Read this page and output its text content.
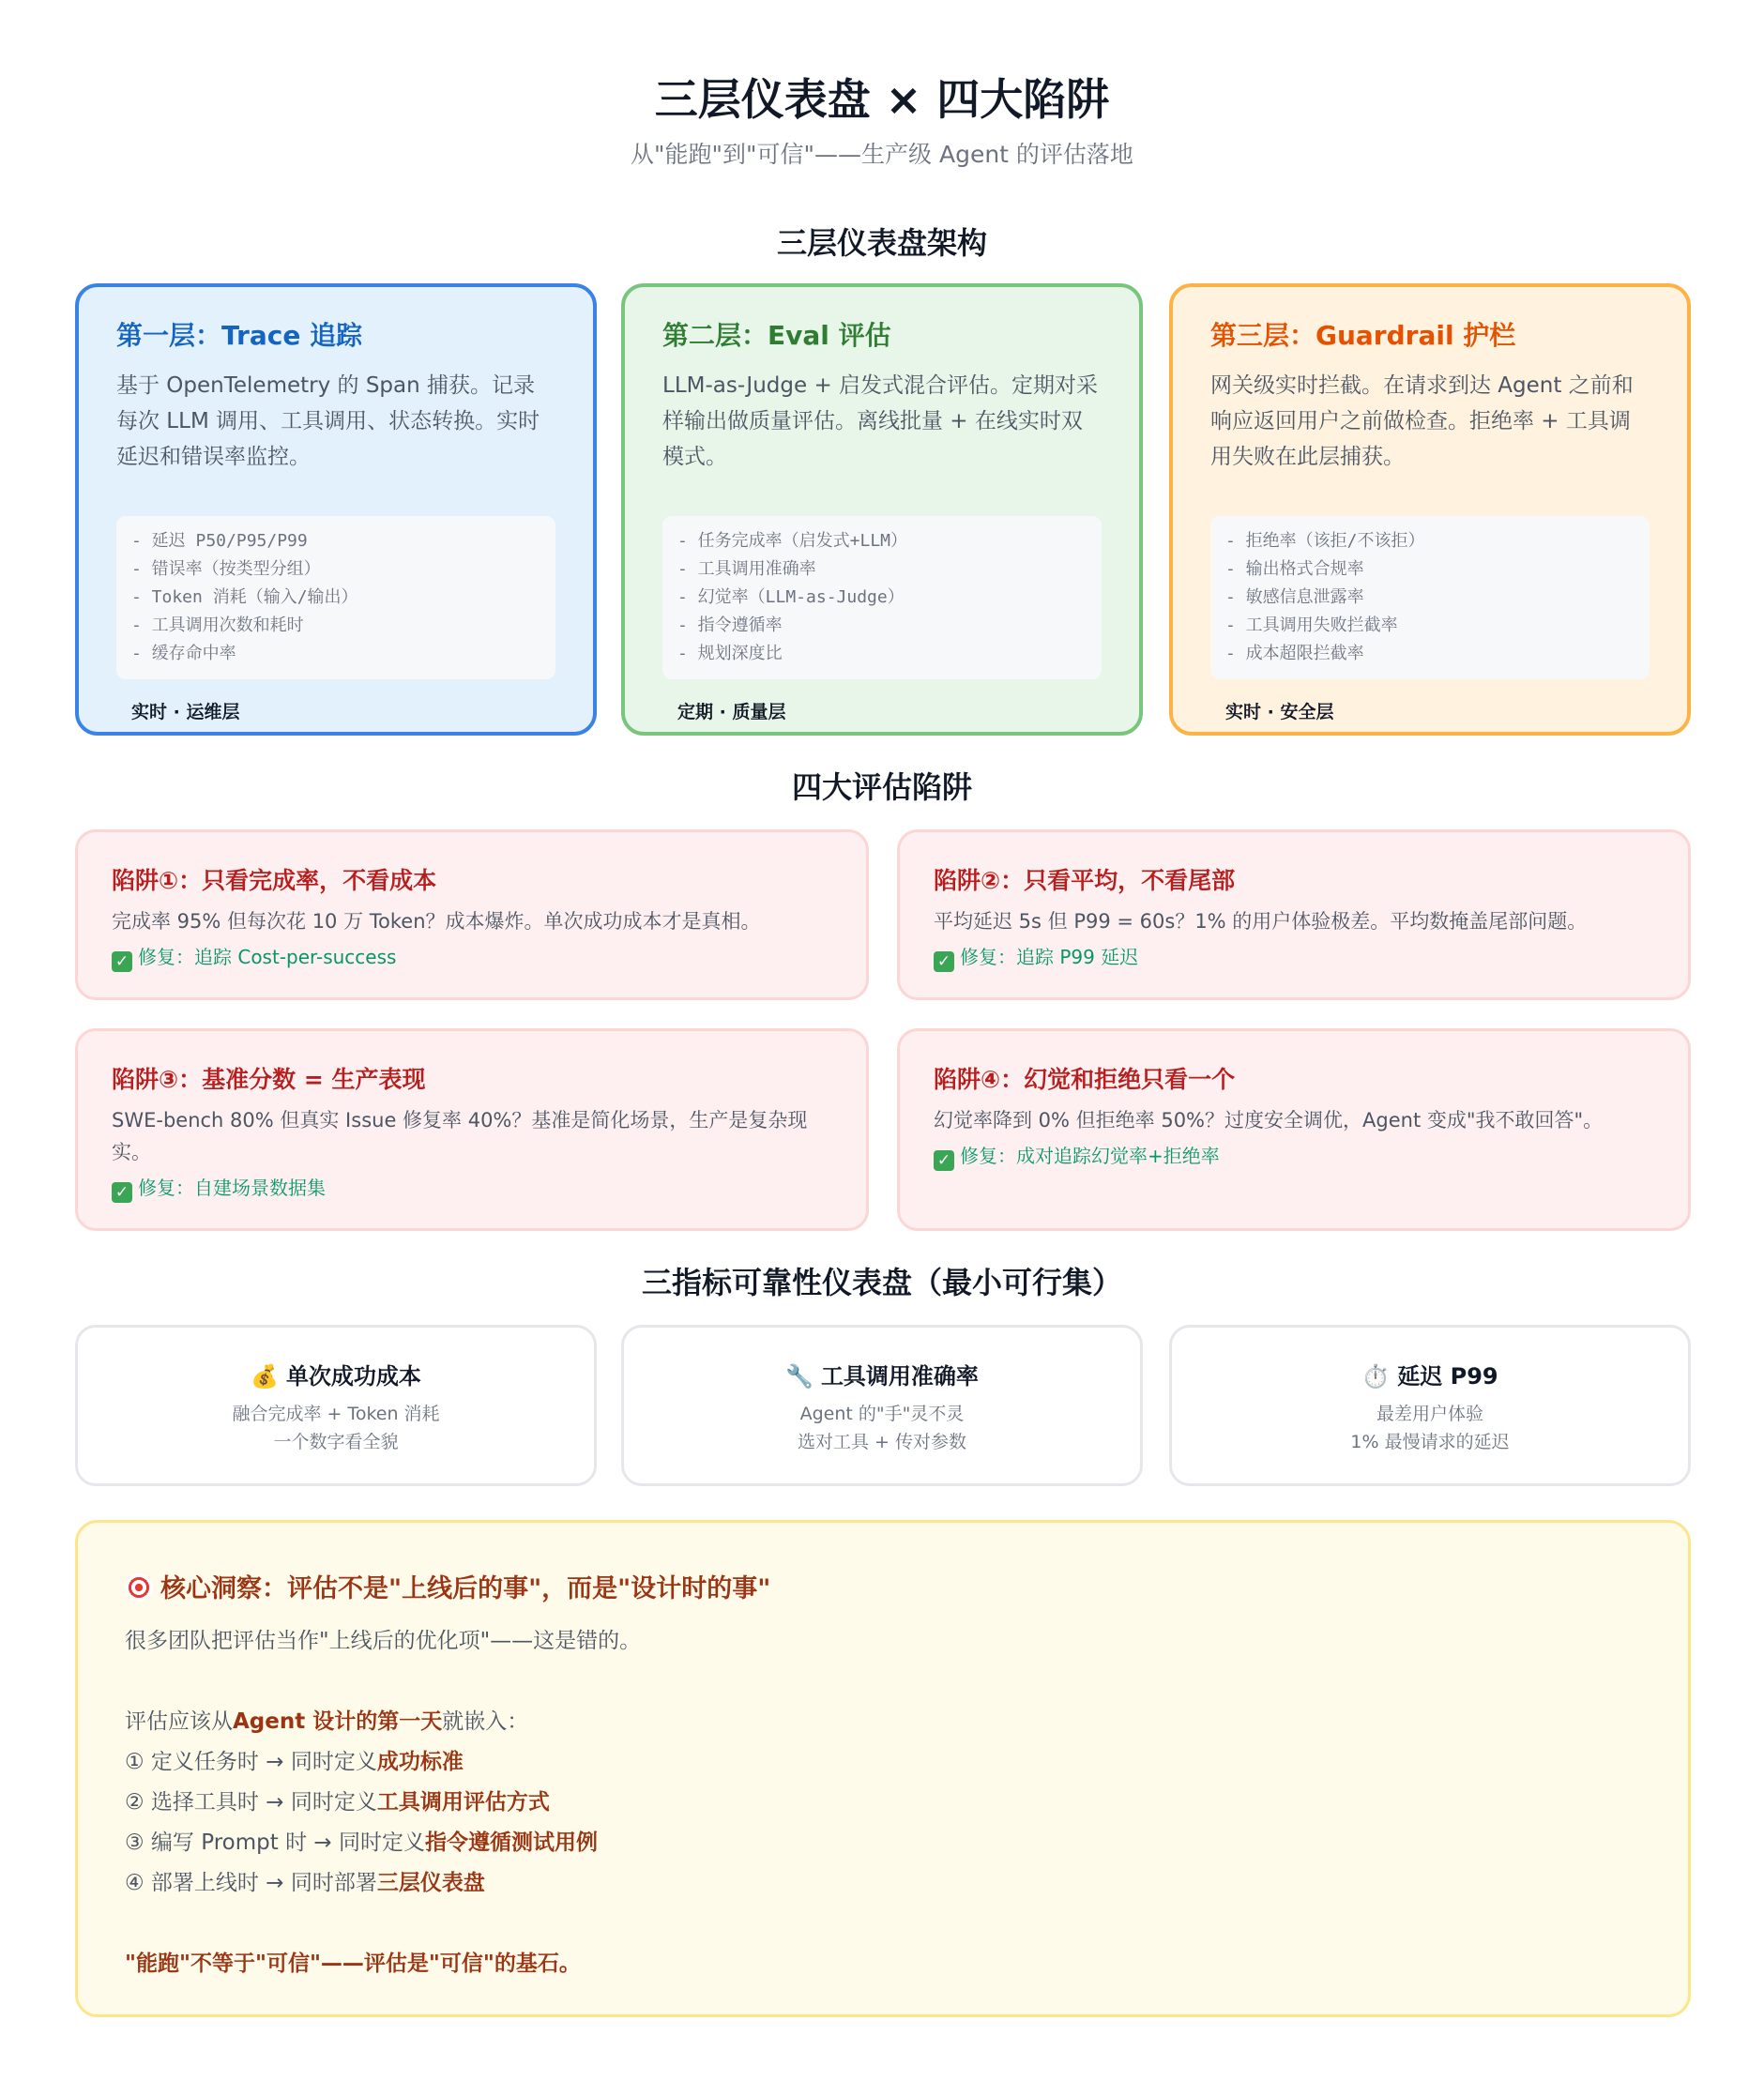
三层仪表盘 × 四大陷阱
从"能跑"到"可信"——生产级 Agent 的评估落地
三层仪表盘架构
第一层：Trace 追踪
基于 OpenTelemetry 的 Span 捕获。记录每次 LLM 调用、工具调用、状态转换。实时延迟和错误率监控。
- 延迟 P50/P95/P99
- 错误率（按类型分组）
- Token 消耗（输入/输出）
- 工具调用次数和耗时
- 缓存命中率
实时 · 运维层
第二层：Eval 评估
LLM-as-Judge + 启发式混合评估。定期对采样输出做质量评估。离线批量 + 在线实时双模式。
- 任务完成率（启发式+LLM）
- 工具调用准确率
- 幻觉率（LLM-as-Judge）
- 指令遵循率
- 规划深度比
定期 · 质量层
第三层：Guardrail 护栏
网关级实时拦截。在请求到达 Agent 之前和响应返回用户之前做检查。拒绝率 + 工具调用失败在此层捕获。
- 拒绝率（该拒/不该拒）
- 输出格式合规率
- 敏感信息泄露率
- 工具调用失败拦截率
- 成本超限拦截率
实时 · 安全层
四大评估陷阱
陷阱①：只看完成率，不看成本
完成率 95% 但每次花 10 万 Token？成本爆炸。单次成功成本才是真相。
✓ 修复：追踪 Cost-per-success
陷阱②：只看平均，不看尾部
平均延迟 5s 但 P99 = 60s？1% 的用户体验极差。平均数掩盖尾部问题。
✓ 修复：追踪 P99 延迟
陷阱③：基准分数 = 生产表现
SWE-bench 80% 但真实 Issue 修复率 40%？基准是简化场景，生产是复杂现实。
✓ 修复：自建场景数据集
陷阱④：幻觉和拒绝只看一个
幻觉率降到 0% 但拒绝率 50%？过度安全调优，Agent 变成"我不敢回答"。
✓ 修复：成对追踪幻觉率+拒绝率
三指标可靠性仪表盘（最小可行集）
💰 单次成功成本
融合完成率 + Token 消耗
一个数字看全貌
🔧 工具调用准确率
Agent 的"手"灵不灵
选对工具 + 传对参数
⏱️ 延迟 P99
最差用户体验
1% 最慢请求的延迟
核心洞察：评估不是"上线后的事"，而是"设计时的事"
很多团队把评估当作"上线后的优化项"——这是错的。
评估应该从Agent 设计的第一天就嵌入：
① 定义任务时 → 同时定义成功标准
② 选择工具时 → 同时定义工具调用评估方式
③ 编写 Prompt 时 → 同时定义指令遵循测试用例
④ 部署上线时 → 同时部署三层仪表盘
"能跑"不等于"可信"——评估是"可信"的基石。
